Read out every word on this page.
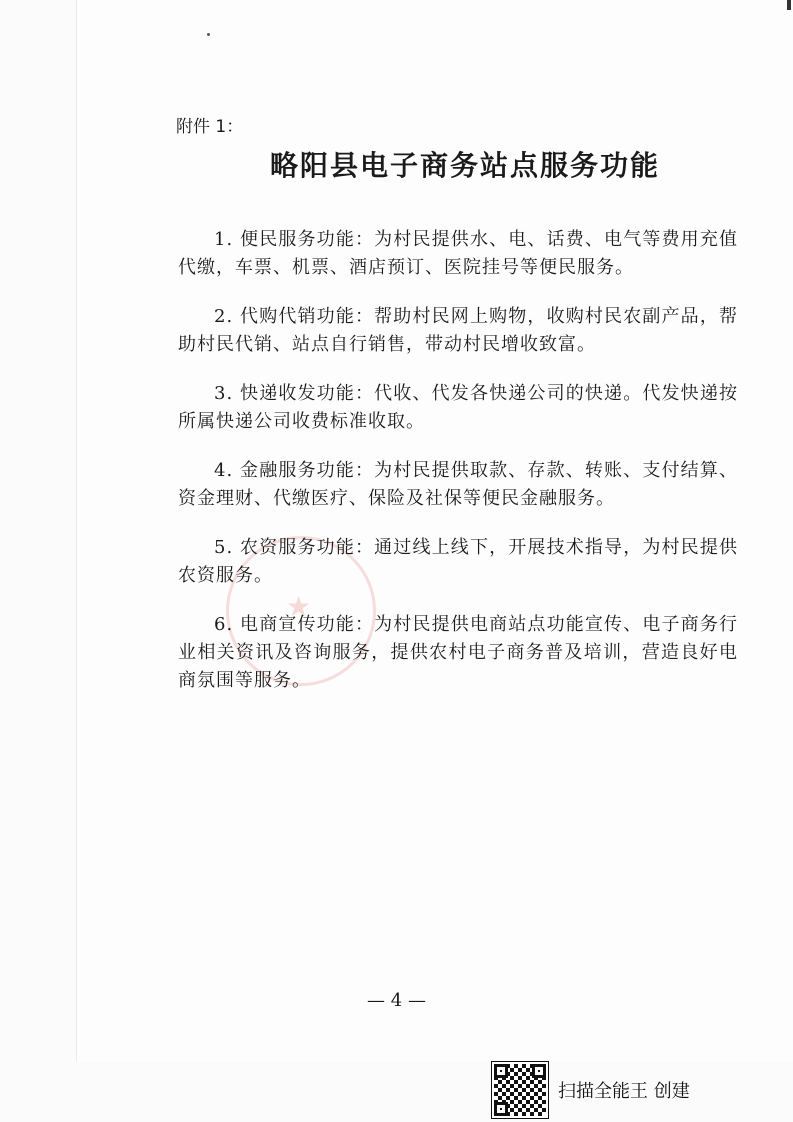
★
附件 1：
略阳县电子商务站点服务功能

1. 便民服务功能：为村民提供水、电、话费、电气等费用充值代缴，车票、机票、酒店预订、医院挂号等便民服务。

2. 代购代销功能：帮助村民网上购物，收购村民农副产品，帮助村民代销、站点自行销售，带动村民增收致富。

3. 快递收发功能：代收、代发各快递公司的快递。代发快递按所属快递公司收费标准收取。

4. 金融服务功能：为村民提供取款、存款、转账、支付结算、资金理财、代缴医疗、保险及社保等便民金融服务。

5. 农资服务功能：通过线上线下，开展技术指导，为村民提供农资服务。

6. 电商宣传功能：为村民提供电商站点功能宣传、电子商务行业相关资讯及咨询服务，提供农村电子商务普及培训，营造良好电商氛围等服务。

— 4 —
扫描全能王 创建
